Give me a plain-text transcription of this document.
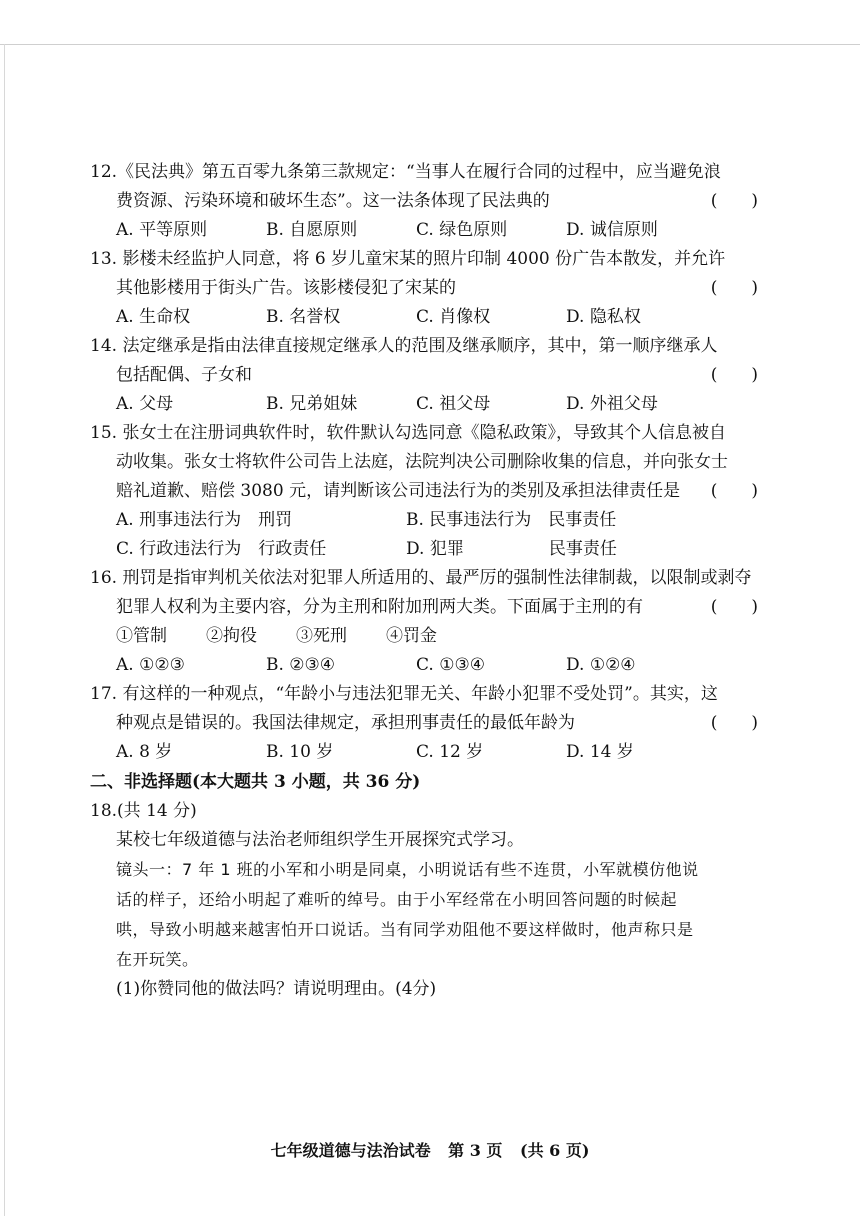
12.《民法典》第五百零九条第三款规定：“当事人在履行合同的过程中，应当避免浪
费资源、污染环境和破坏生态”。这一法条体现了民法典的	(　　)
A. 平等原则	B. 自愿原则	C. 绿色原则	D. 诚信原则
13. 影楼未经监护人同意，将 6 岁儿童宋某的照片印制 4000 份广告本散发，并允许
其他影楼用于街头广告。该影楼侵犯了宋某的	(　　)
A. 生命权	B. 名誉权	C. 肖像权	D. 隐私权
14. 法定继承是指由法律直接规定继承人的范围及继承顺序，其中，第一顺序继承人
包括配偶、子女和	(　　)
A. 父母	B. 兄弟姐妹	C. 祖父母	D. 外祖父母
15. 张女士在注册词典软件时，软件默认勾选同意《隐私政策》，导致其个人信息被自
动收集。张女士将软件公司告上法庭，法院判决公司删除收集的信息，并向张女士
赔礼道歉、赔偿 3080 元，请判断该公司违法行为的类别及承担法律责任是 (　　)
A. 刑事违法行为　刑罚	B. 民事违法行为　民事责任
C. 行政违法行为　行政责任	D. 犯罪　　　　　民事责任
16. 刑罚是指审判机关依法对犯罪人所适用的、最严厉的强制性法律制裁，以限制或剥夺
犯罪人权利为主要内容，分为主刑和附加刑两大类。下面属于主刑的有	(　　)
①管制	②拘役	③死刑	④罚金
A. ①②③	B. ②③④	C. ①③④	D. ①②④
17. 有这样的一种观点，“年龄小与违法犯罪无关、年龄小犯罪不受处罚”。其实，这
种观点是错误的。我国法律规定，承担刑事责任的最低年龄为	(　　)
A. 8 岁	B. 10 岁	C. 12 岁	D. 14 岁
二、非选择题(本大题共 3 小题，共 36 分)
18.(共 14 分)
某校七年级道德与法治老师组织学生开展探究式学习。
镜头一：7 年 1 班的小军和小明是同桌，小明说话有些不连贯，小军就模仿他说
话的样子，还给小明起了难听的绰号。由于小军经常在小明回答问题的时候起
哄，导致小明越来越害怕开口说话。当有同学劝阻他不要这样做时，他声称只是
在开玩笑。
(1)你赞同他的做法吗？请说明理由。(4分)
七年级道德与法治试卷 第 3 页 (共 6 页)
